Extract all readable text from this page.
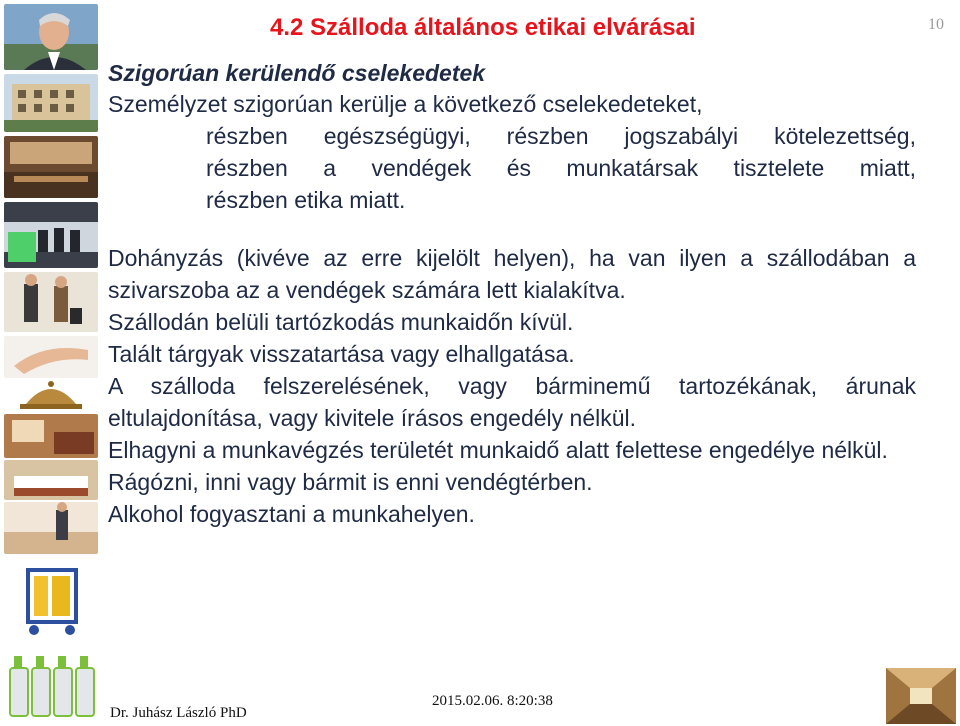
4.2 Szálloda általános etikai elvárásai	10
Szigorúan kerülendő cselekedetek
Személyzet szigorúan kerülje a következő cselekedeteket,
részben egészségügyi, részben jogszabályi kötelezettség,
részben a vendégek és munkatársak tisztelete miatt,
részben etika miatt.
Dohányzás (kivéve az erre kijelölt helyen), ha van ilyen a szállodában a szivarszoba az a vendégek számára lett kialakítva.
Szállodán belüli tartózkodás munkaidőn kívül.
Talált tárgyak visszatartása vagy elhallgatása.
A szálloda felszerelésének, vagy bárminemű tartozékának, árunak eltulajdonítása, vagy kivitele írásos engedély nélkül.
Elhagyni a munkavégzés területét munkaidő alatt felettese engedélye nélkül.
Rágózni, inni vagy bármit is enni vendégtérben.
Alkohol fogyasztani a munkahelyen.
2015.02.06. 8:20:38
Dr. Juhász László PhD
